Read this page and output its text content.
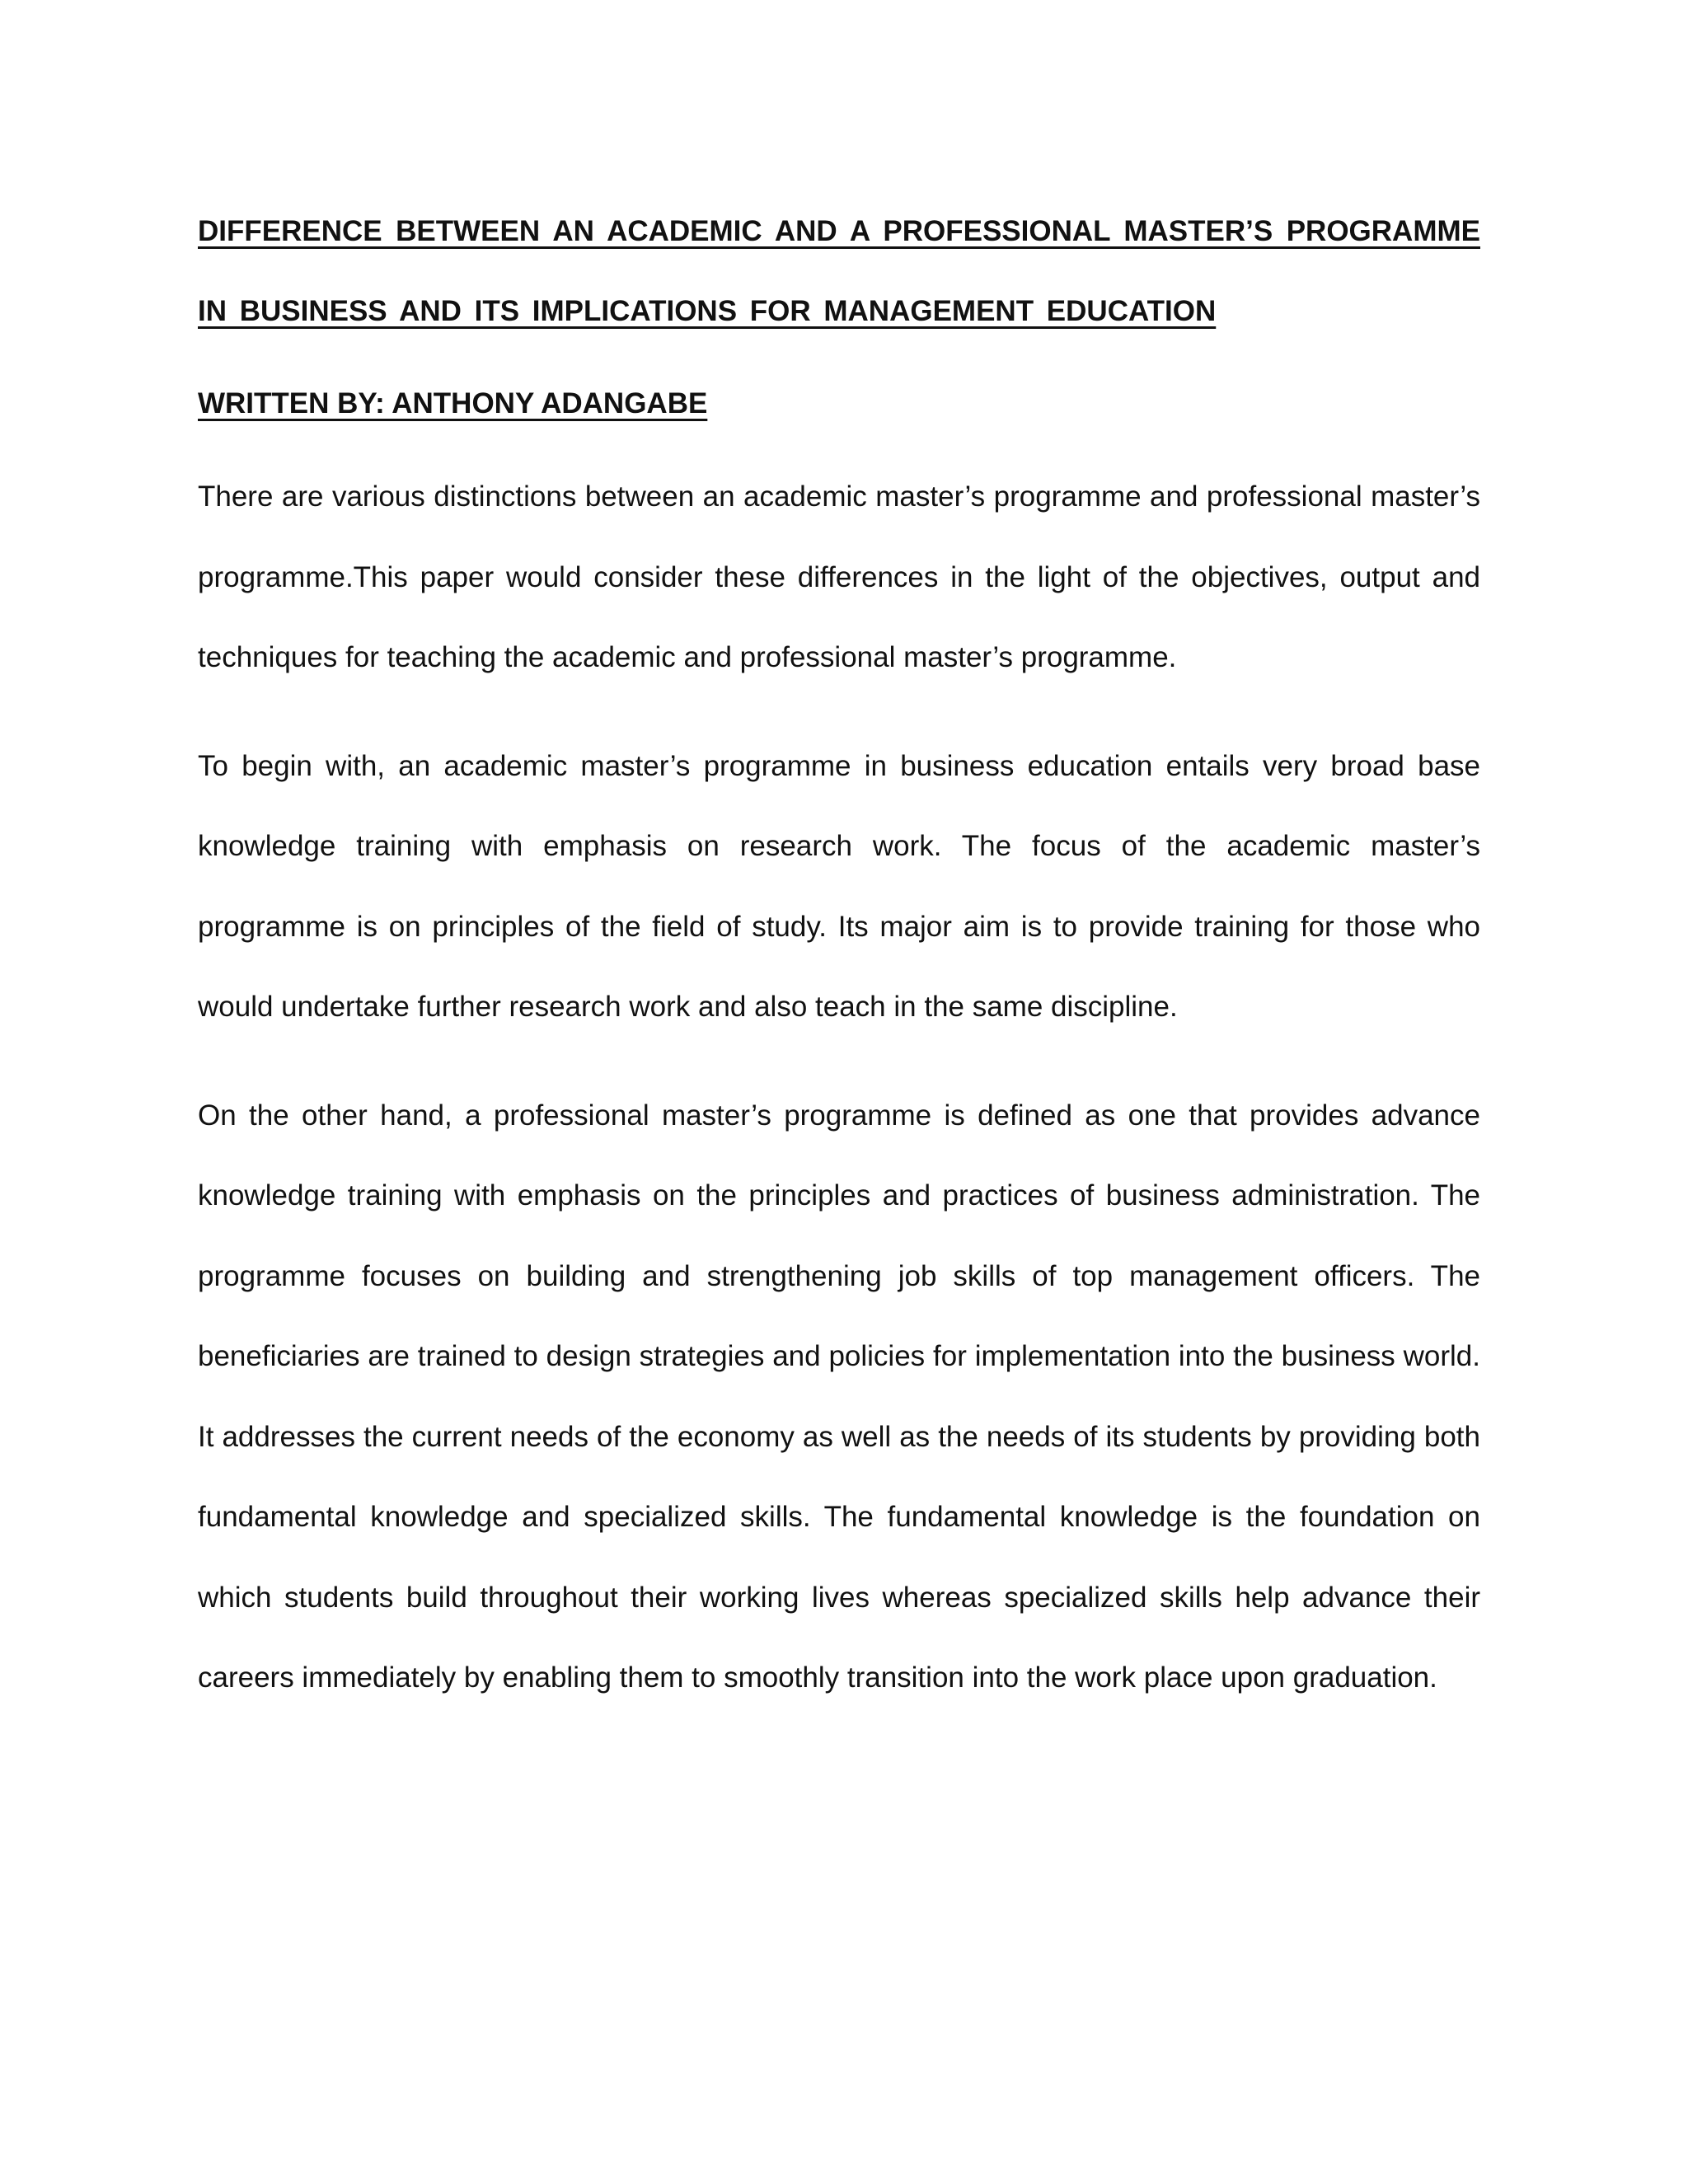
DIFFERENCE BETWEEN AN ACADEMIC AND A PROFESSIONAL MASTER’S PROGRAMME IN BUSINESS AND ITS IMPLICATIONS FOR MANAGEMENT EDUCATION

WRITTEN BY: ANTHONY ADANGABE

There are various distinctions between an academic master’s programme and professional master’s programme.This paper would consider these differences in the light of the objectives, output and techniques for teaching the academic and professional master’s programme.

To begin with, an academic master’s programme in business education entails very broad base knowledge training with emphasis on research work. The focus of the academic master’s programme is on principles of the field of study. Its major aim is to provide training for those who would undertake further research work and also teach in the same discipline.

On the other hand, a professional master’s programme is defined as one that provides advance knowledge training with emphasis on the principles and practices of business administration. The programme focuses on building and strengthening job skills of top management officers. The beneficiaries are trained to design strategies and policies for implementation into the business world. It addresses the current needs of the economy as well as the needs of its students by providing both fundamental knowledge and specialized skills. The fundamental knowledge is the foundation on which students build throughout their working lives whereas specialized skills help advance their careers immediately by enabling them to smoothly transition into the work place upon graduation.
